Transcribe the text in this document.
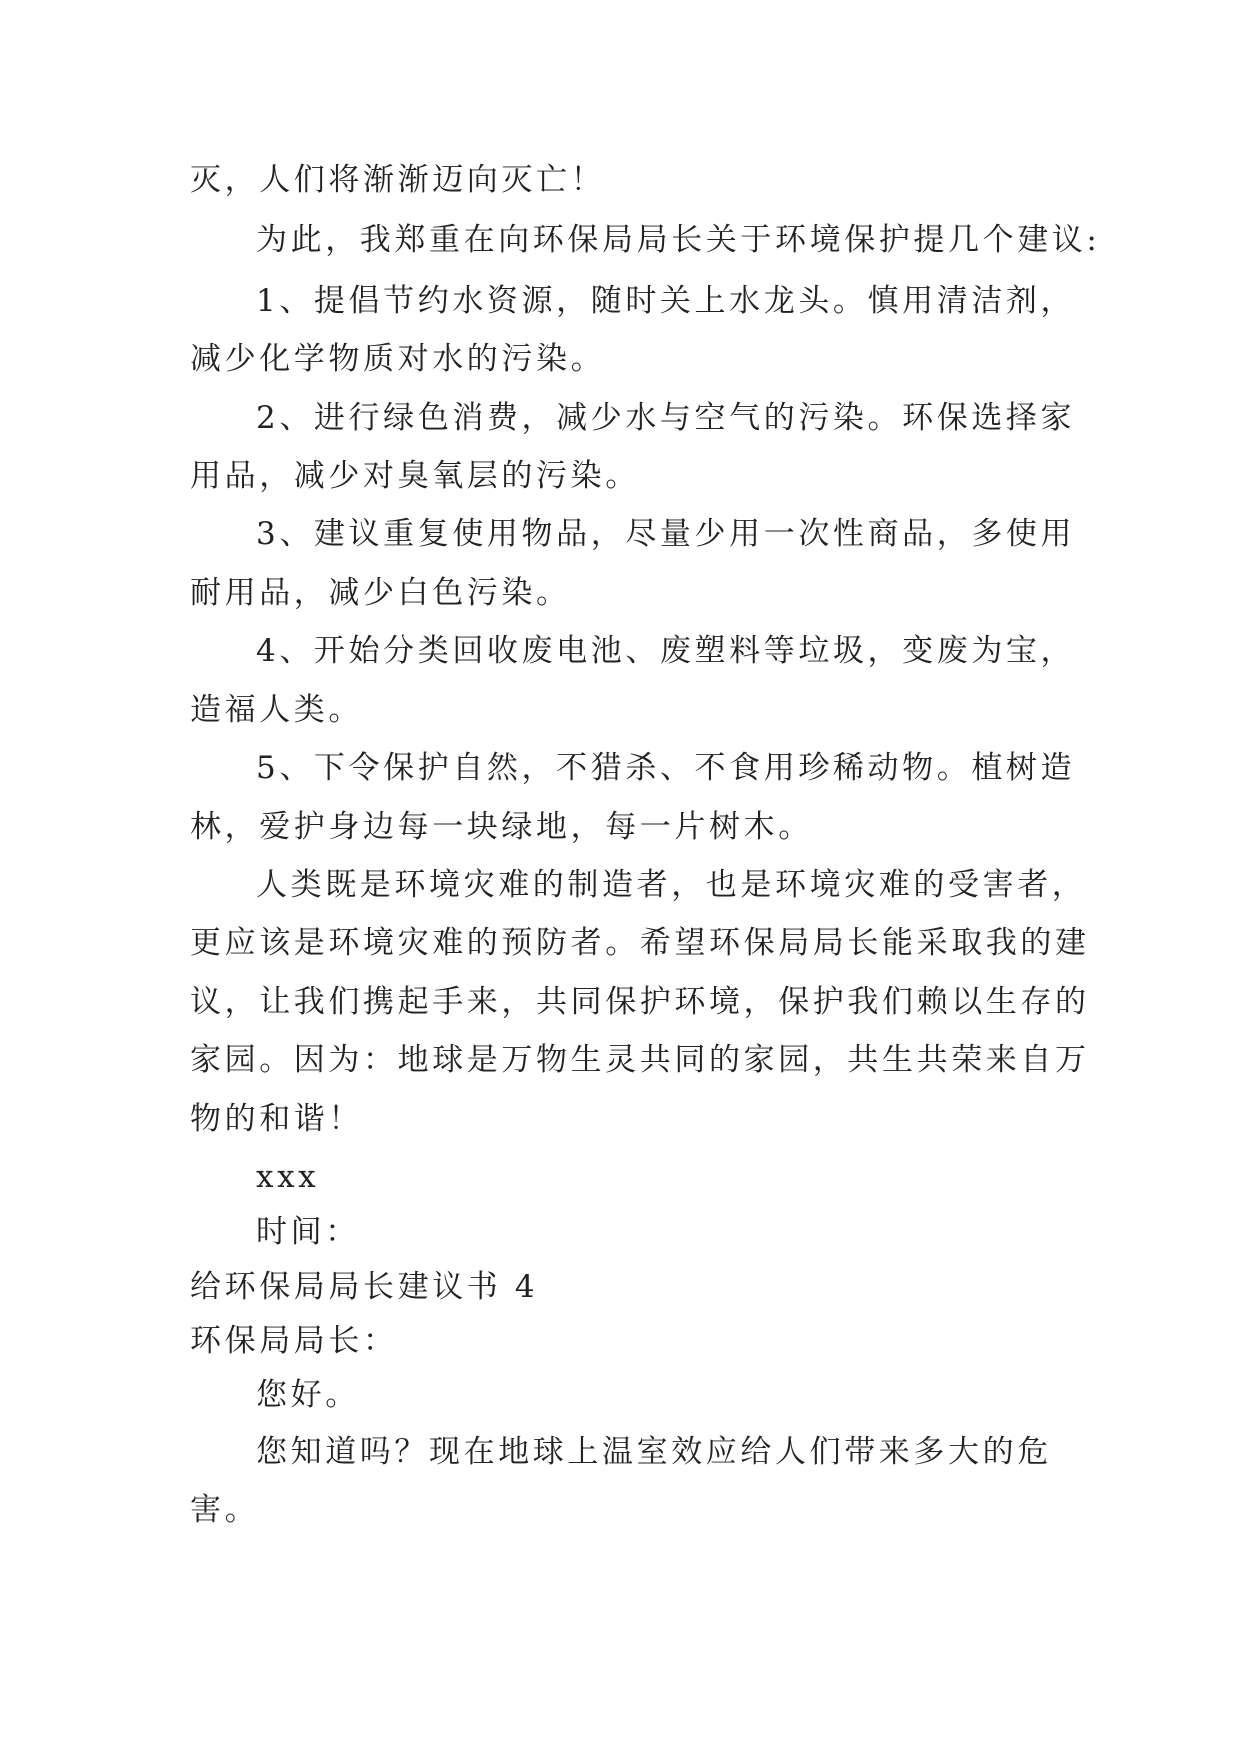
灭，人们将渐渐迈向灭亡！
为此，我郑重在向环保局局长关于环境保护提几个建议:
1、提倡节约水资源，随时关上水龙头。慎用清洁剂，
减少化学物质对水的污染。
2、进行绿色消费，减少水与空气的污染。环保选择家
用品，减少对臭氧层的污染。
3、建议重复使用物品，尽量少用一次性商品，多使用
耐用品，减少白色污染。
4、开始分类回收废电池、废塑料等垃圾，变废为宝，
造福人类。
5、下令保护自然，不猎杀、不食用珍稀动物。植树造
林，爱护身边每一块绿地，每一片树木。
人类既是环境灾难的制造者，也是环境灾难的受害者，
更应该是环境灾难的预防者。希望环保局局长能采取我的建
议，让我们携起手来，共同保护环境，保护我们赖以生存的
家园。因为：地球是万物生灵共同的家园，共生共荣来自万
物的和谐！
xxx
时间：
给环保局局长建议书 4
环保局局长：
您好。
您知道吗？现在地球上温室效应给人们带来多大的危
害。
